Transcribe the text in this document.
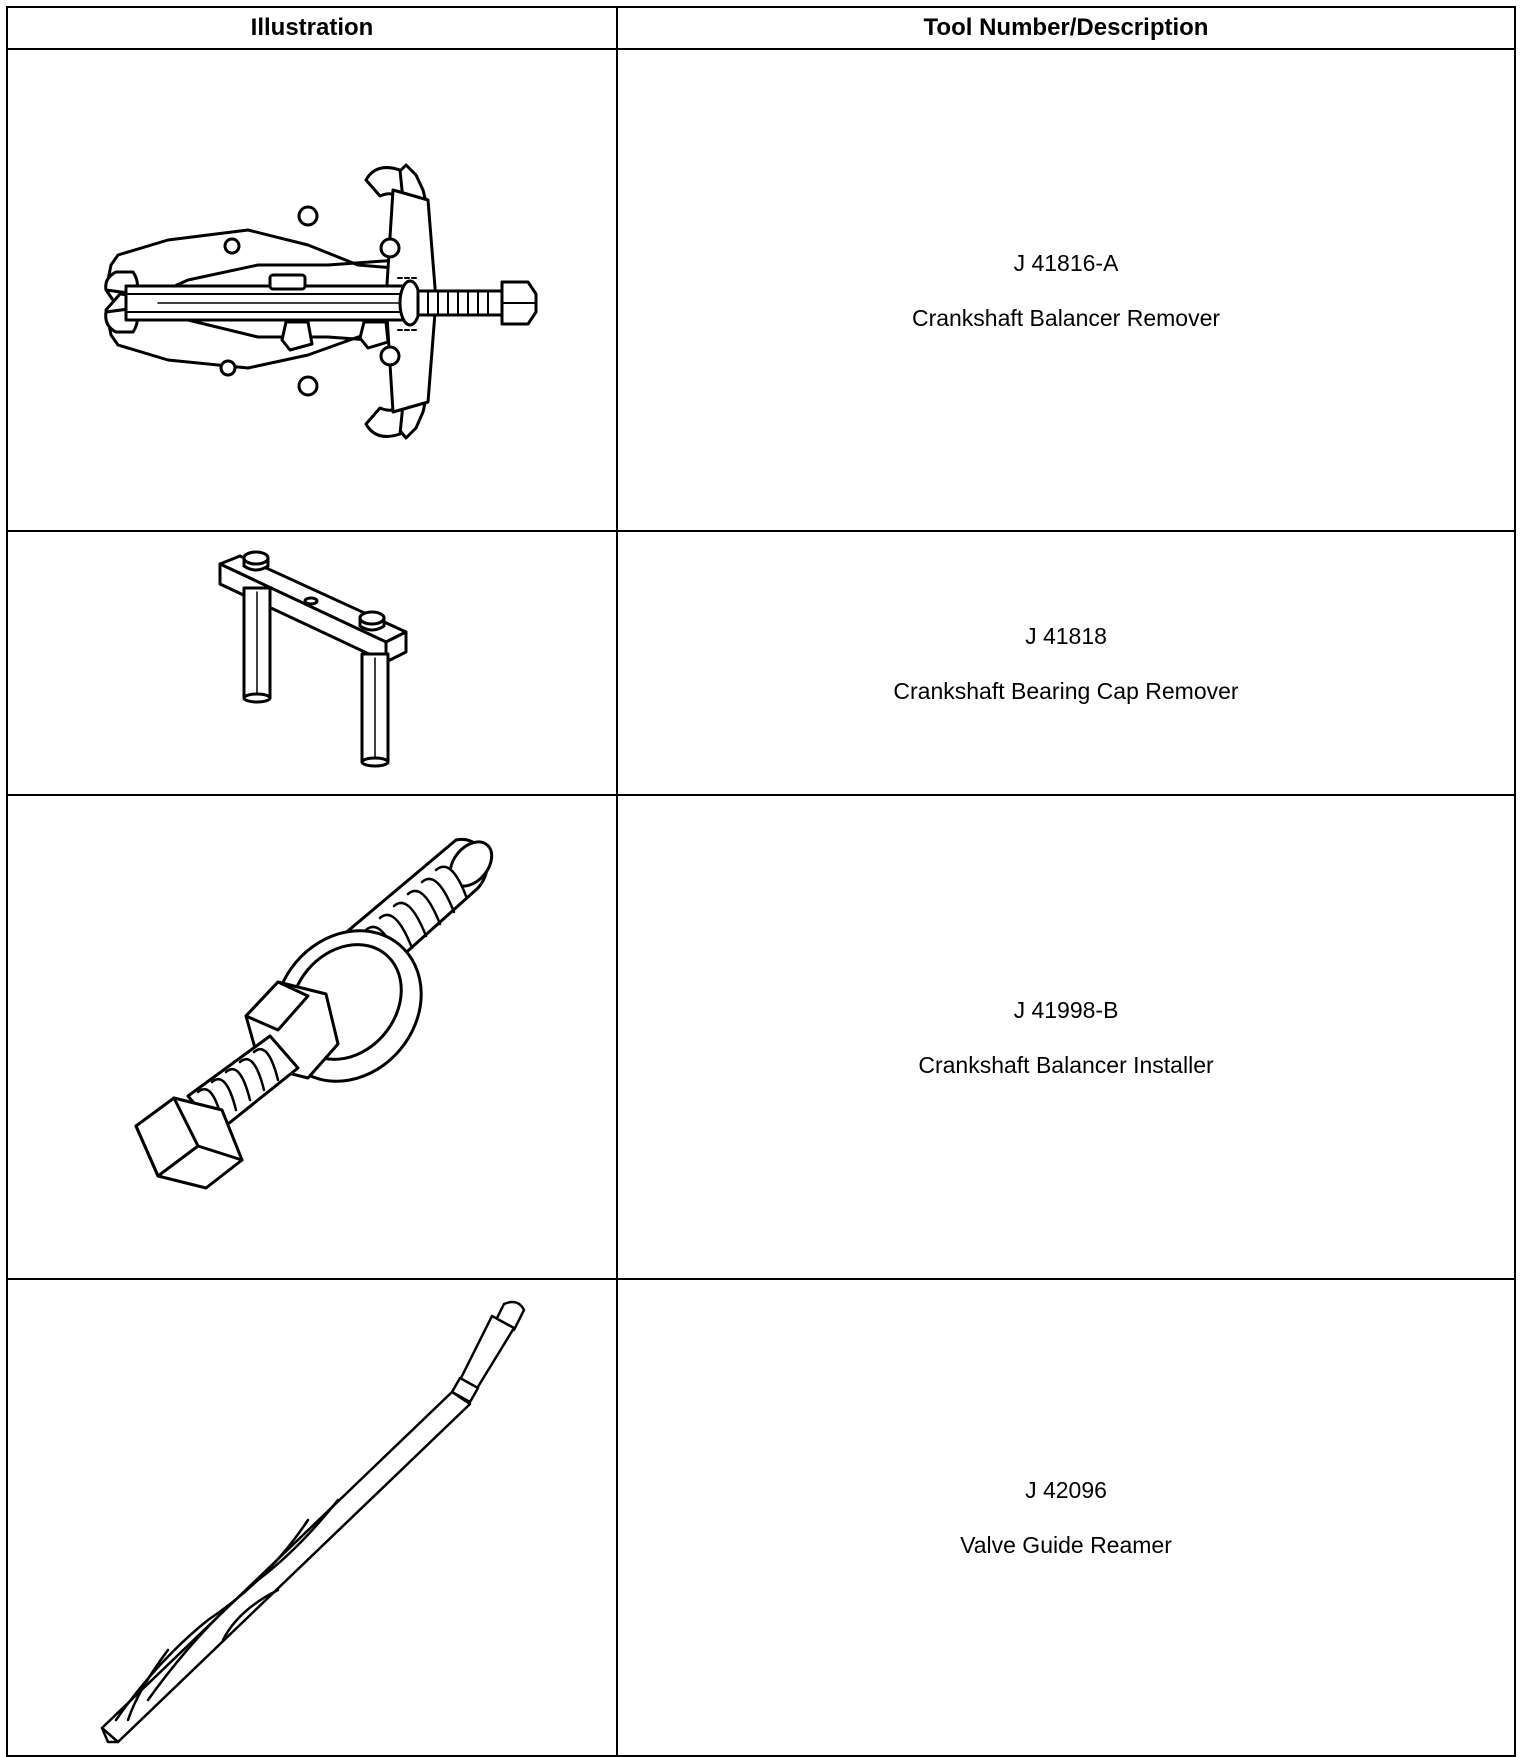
Illustration	Tool Number/Description

J 41816-A
Crankshaft Balancer Remover

J 41818
Crankshaft Bearing Cap Remover

J 41998-B
Crankshaft Balancer Installer

J 42096
Valve Guide Reamer
